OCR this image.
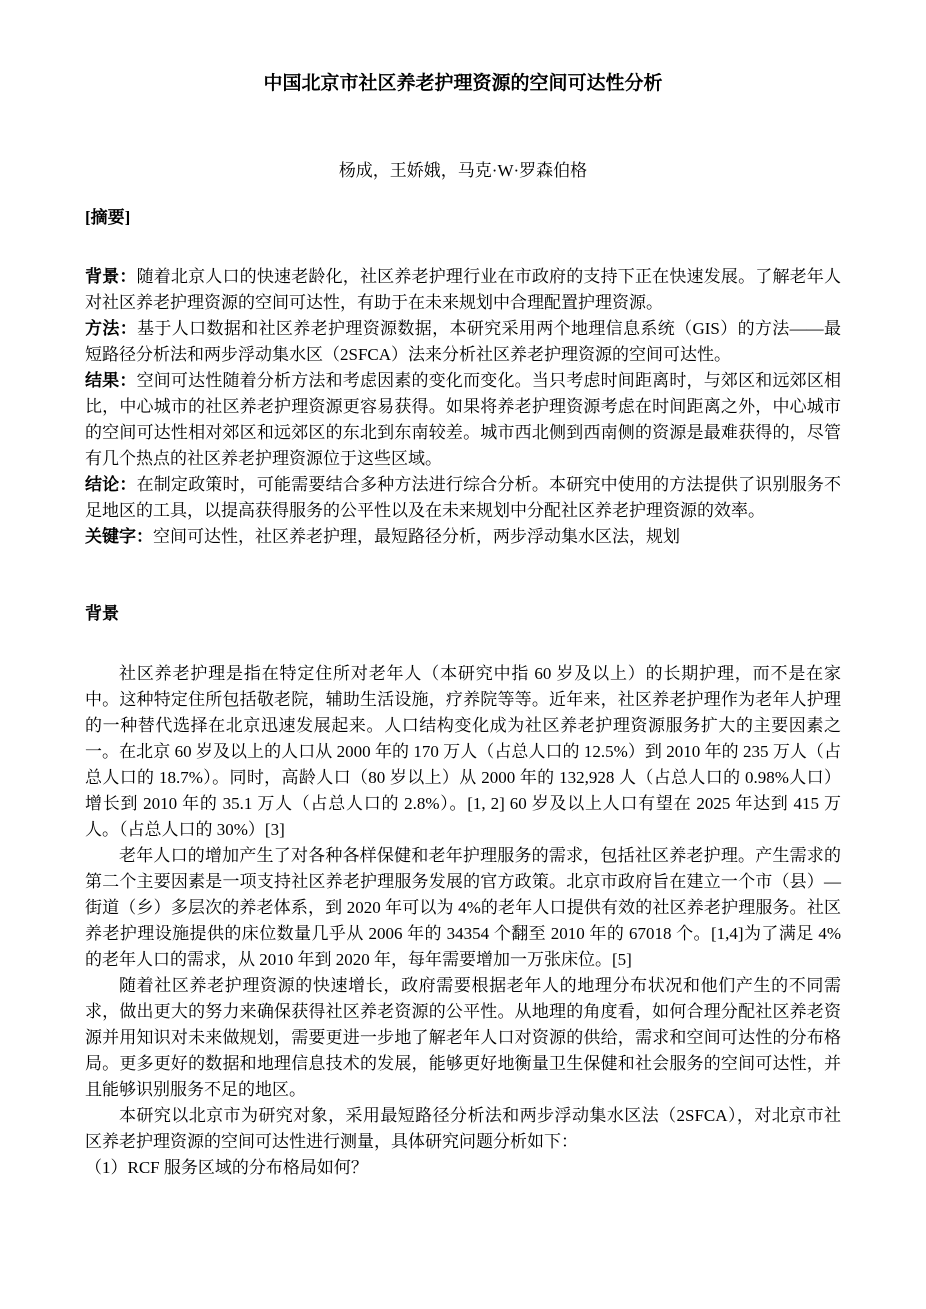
中国北京市社区养老护理资源的空间可达性分析

杨成，王娇娥，马克·W·罗森伯格

[摘要]

背景：随着北京人口的快速老龄化，社区养老护理行业在市政府的支持下正在快速发展。了解老年人对社区养老护理资源的空间可达性，有助于在未来规划中合理配置护理资源。

方法：基于人口数据和社区养老护理资源数据，本研究采用两个地理信息系统（GIS）的方法——最短路径分析法和两步浮动集水区（2SFCA）法来分析社区养老护理资源的空间可达性。

结果：空间可达性随着分析方法和考虑因素的变化而变化。当只考虑时间距离时，与郊区和远郊区相比，中心城市的社区养老护理资源更容易获得。如果将养老护理资源考虑在时间距离之外，中心城市的空间可达性相对郊区和远郊区的东北到东南较差。城市西北侧到西南侧的资源是最难获得的，尽管有几个热点的社区养老护理资源位于这些区域。

结论：在制定政策时，可能需要结合多种方法进行综合分析。本研究中使用的方法提供了识别服务不足地区的工具，以提高获得服务的公平性以及在未来规划中分配社区养老护理资源的效率。

关键字：空间可达性，社区养老护理，最短路径分析，两步浮动集水区法，规划

背景

社区养老护理是指在特定住所对老年人（本研究中指 60 岁及以上）的长期护理，而不是在家中。这种特定住所包括敬老院，辅助生活设施，疗养院等等。近年来，社区养老护理作为老年人护理的一种替代选择在北京迅速发展起来。人口结构变化成为社区养老护理资源服务扩大的主要因素之一。在北京 60 岁及以上的人口从 2000 年的 170 万人（占总人口的 12.5%）到 2010 年的 235 万人（占总人口的 18.7%）。同时，高龄人口（80 岁以上）从 2000 年的 132,928 人（占总人口的 0.98%人口）增长到 2010 年的 35.1 万人（占总人口的 2.8%）。[1, 2] 60 岁及以上人口有望在 2025 年达到 415 万人。（占总人口的 30%）[3]

老年人口的增加产生了对各种各样保健和老年护理服务的需求，包括社区养老护理。产生需求的第二个主要因素是一项支持社区养老护理服务发展的官方政策。北京市政府旨在建立一个市（县）—街道（乡）多层次的养老体系，到 2020 年可以为 4%的老年人口提供有效的社区养老护理服务。社区养老护理设施提供的床位数量几乎从 2006 年的 34354 个翻至 2010 年的 67018 个。[1,4]为了满足 4%的老年人口的需求，从 2010 年到 2020 年，每年需要增加一万张床位。[5]

随着社区养老护理资源的快速增长，政府需要根据老年人的地理分布状况和他们产生的不同需求，做出更大的努力来确保获得社区养老资源的公平性。从地理的角度看，如何合理分配社区养老资源并用知识对未来做规划，需要更进一步地了解老年人口对资源的供给，需求和空间可达性的分布格局。更多更好的数据和地理信息技术的发展，能够更好地衡量卫生保健和社会服务的空间可达性，并且能够识别服务不足的地区。

本研究以北京市为研究对象，采用最短路径分析法和两步浮动集水区法（2SFCA），对北京市社区养老护理资源的空间可达性进行测量，具体研究问题分析如下：

（1）RCF 服务区域的分布格局如何？
